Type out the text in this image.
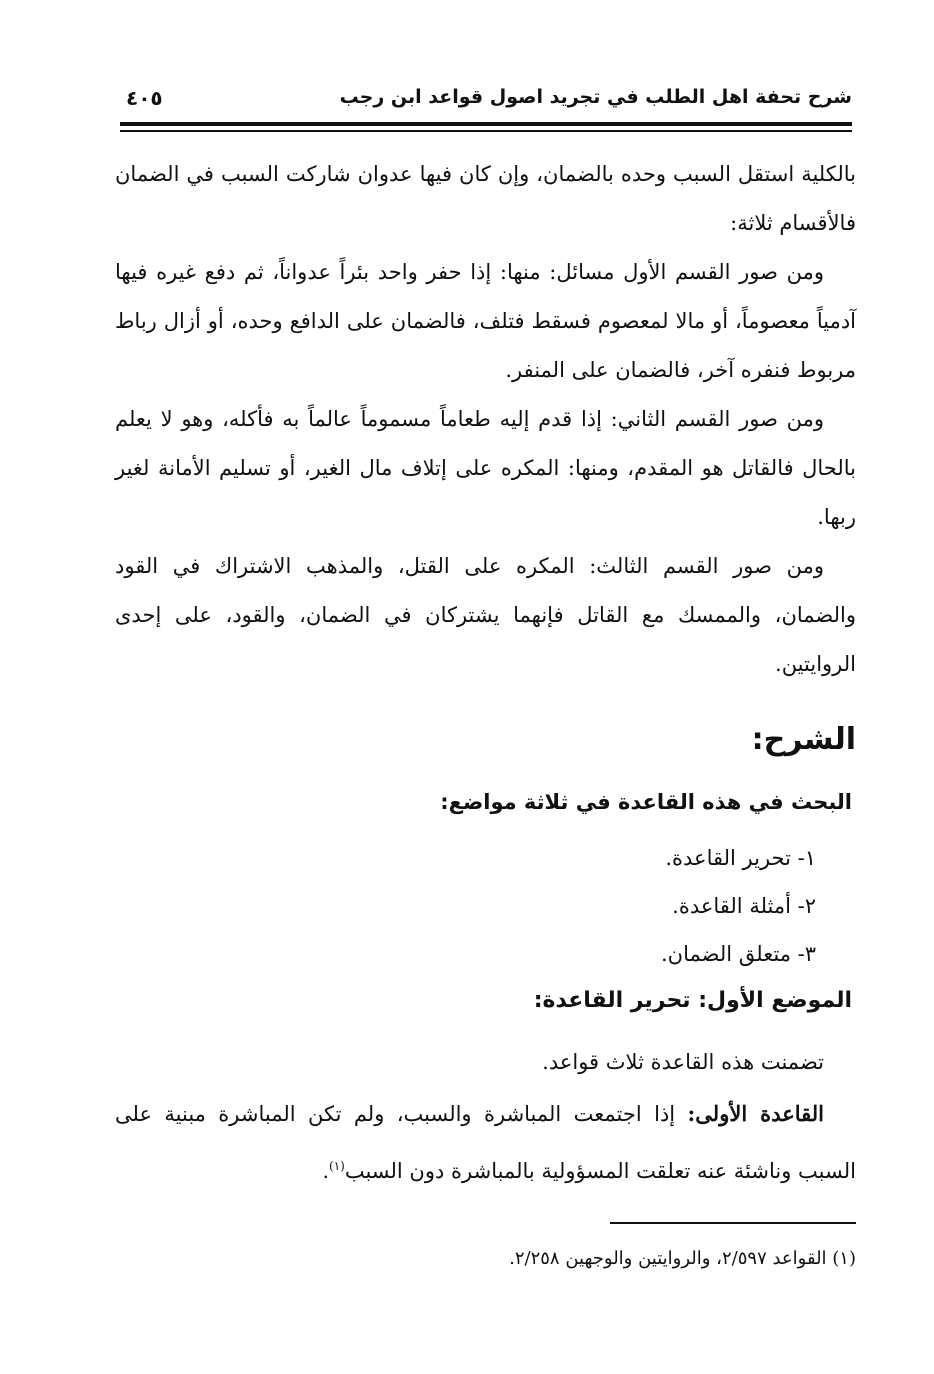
شرح تحفة اهل الطلب في تجريد اصول قواعد ابن رجب
٤٠٥

بالكلية استقل السبب وحده بالضمان، وإن كان فيها عدوان شاركت السبب في الضمان فالأقسام ثلاثة:

ومن صور القسم الأول مسائل: منها: إذا حفر واحد بئراً عدواناً، ثم دفع غيره فيها آدمياً معصوماً، أو مالا لمعصوم فسقط فتلف، فالضمان على الدافع وحده، أو أزال رباط مربوط فنفره آخر، فالضمان على المنفر.

ومن صور القسم الثاني: إذا قدم إليه طعاماً مسموماً عالماً به فأكله، وهو لا يعلم بالحال فالقاتل هو المقدم، ومنها: المكره على إتلاف مال الغير، أو تسليم الأمانة لغير ربها.

ومن صور القسم الثالث: المكره على القتل، والمذهب الاشتراك في القود والضمان، والممسك مع القاتل فإنهما يشتركان في الضمان، والقود، على إحدى الروايتين.

الشرح:
البحث في هذه القاعدة في ثلاثة مواضع:
١- تحرير القاعدة.
٢- أمثلة القاعدة.
٣- متعلق الضمان.
الموضع الأول: تحرير القاعدة:

تضمنت هذه القاعدة ثلاث قواعد.

القاعدة الأولى: إذا اجتمعت المباشرة والسبب، ولم تكن المباشرة مبنية على السبب وناشئة عنه تعلقت المسؤولية بالمباشرة دون السبب$^{(١)}$.

(١) القواعد ٢/٥٩٧، والروايتين والوجهين ٢/٢٥٨.
